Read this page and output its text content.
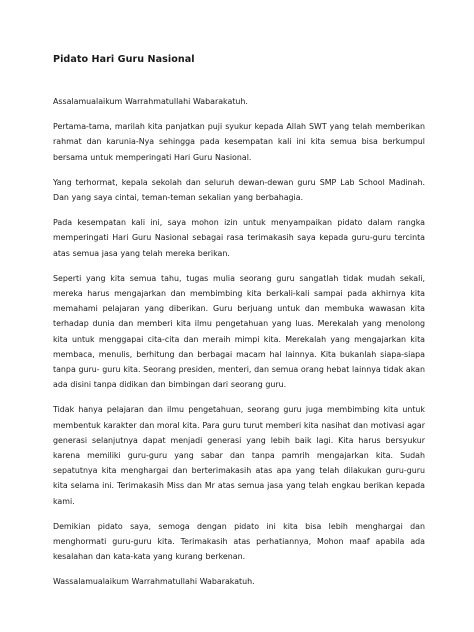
Pidato Hari Guru Nasional

Assalamualaikum Warrahmatullahi Wabarakatuh.

Pertama-tama, marilah kita panjatkan puji syukur kepada Allah SWT yang telah memberikan rahmat dan karunia-Nya sehingga pada kesempatan kali ini kita semua bisa berkumpul bersama untuk memperingati Hari Guru Nasional.

Yang terhormat, kepala sekolah dan seluruh dewan-dewan guru SMP Lab School Madinah. Dan yang saya cintai, teman-teman sekalian yang berbahagia.

Pada kesempatan kali ini, saya mohon izin untuk menyampaikan pidato dalam rangka memperingati Hari Guru Nasional sebagai rasa terimakasih saya kepada guru-guru tercinta atas semua jasa yang telah mereka berikan.

Seperti yang kita semua tahu, tugas mulia seorang guru sangatlah tidak mudah sekali, mereka harus mengajarkan dan membimbing kita berkali-kali sampai pada akhirnya kita memahami pelajaran yang diberikan. Guru berjuang untuk dan membuka wawasan kita terhadap dunia dan memberi kita ilmu pengetahuan yang luas. Merekalah yang menolong kita untuk menggapai cita-cita dan meraih mimpi kita. Merekalah yang mengajarkan kita membaca, menulis, berhitung dan berbagai macam hal lainnya. Kita bukanlah siapa-siapa tanpa guru- guru kita. Seorang presiden, menteri, dan semua orang hebat lainnya tidak akan ada disini tanpa didikan dan bimbingan dari seorang guru.

Tidak hanya pelajaran dan ilmu pengetahuan, seorang guru juga membimbing kita untuk membentuk karakter dan moral kita. Para guru turut memberi kita nasihat dan motivasi agar generasi selanjutnya dapat menjadi generasi yang lebih baik lagi. Kita harus bersyukur karena memiliki guru-guru yang sabar dan tanpa pamrih mengajarkan kita. Sudah sepatutnya kita menghargai dan berterimakasih atas apa yang telah dilakukan guru-guru kita selama ini. Terimakasih Miss dan Mr atas semua jasa yang telah engkau berikan kepada kami.

Demikian pidato saya, semoga dengan pidato ini kita bisa lebih menghargai dan menghormati guru-guru kita. Terimakasih atas perhatiannya, Mohon maaf apabila ada kesalahan dan kata-kata yang kurang berkenan.

Wassalamualaikum Warrahmatullahi Wabarakatuh.
